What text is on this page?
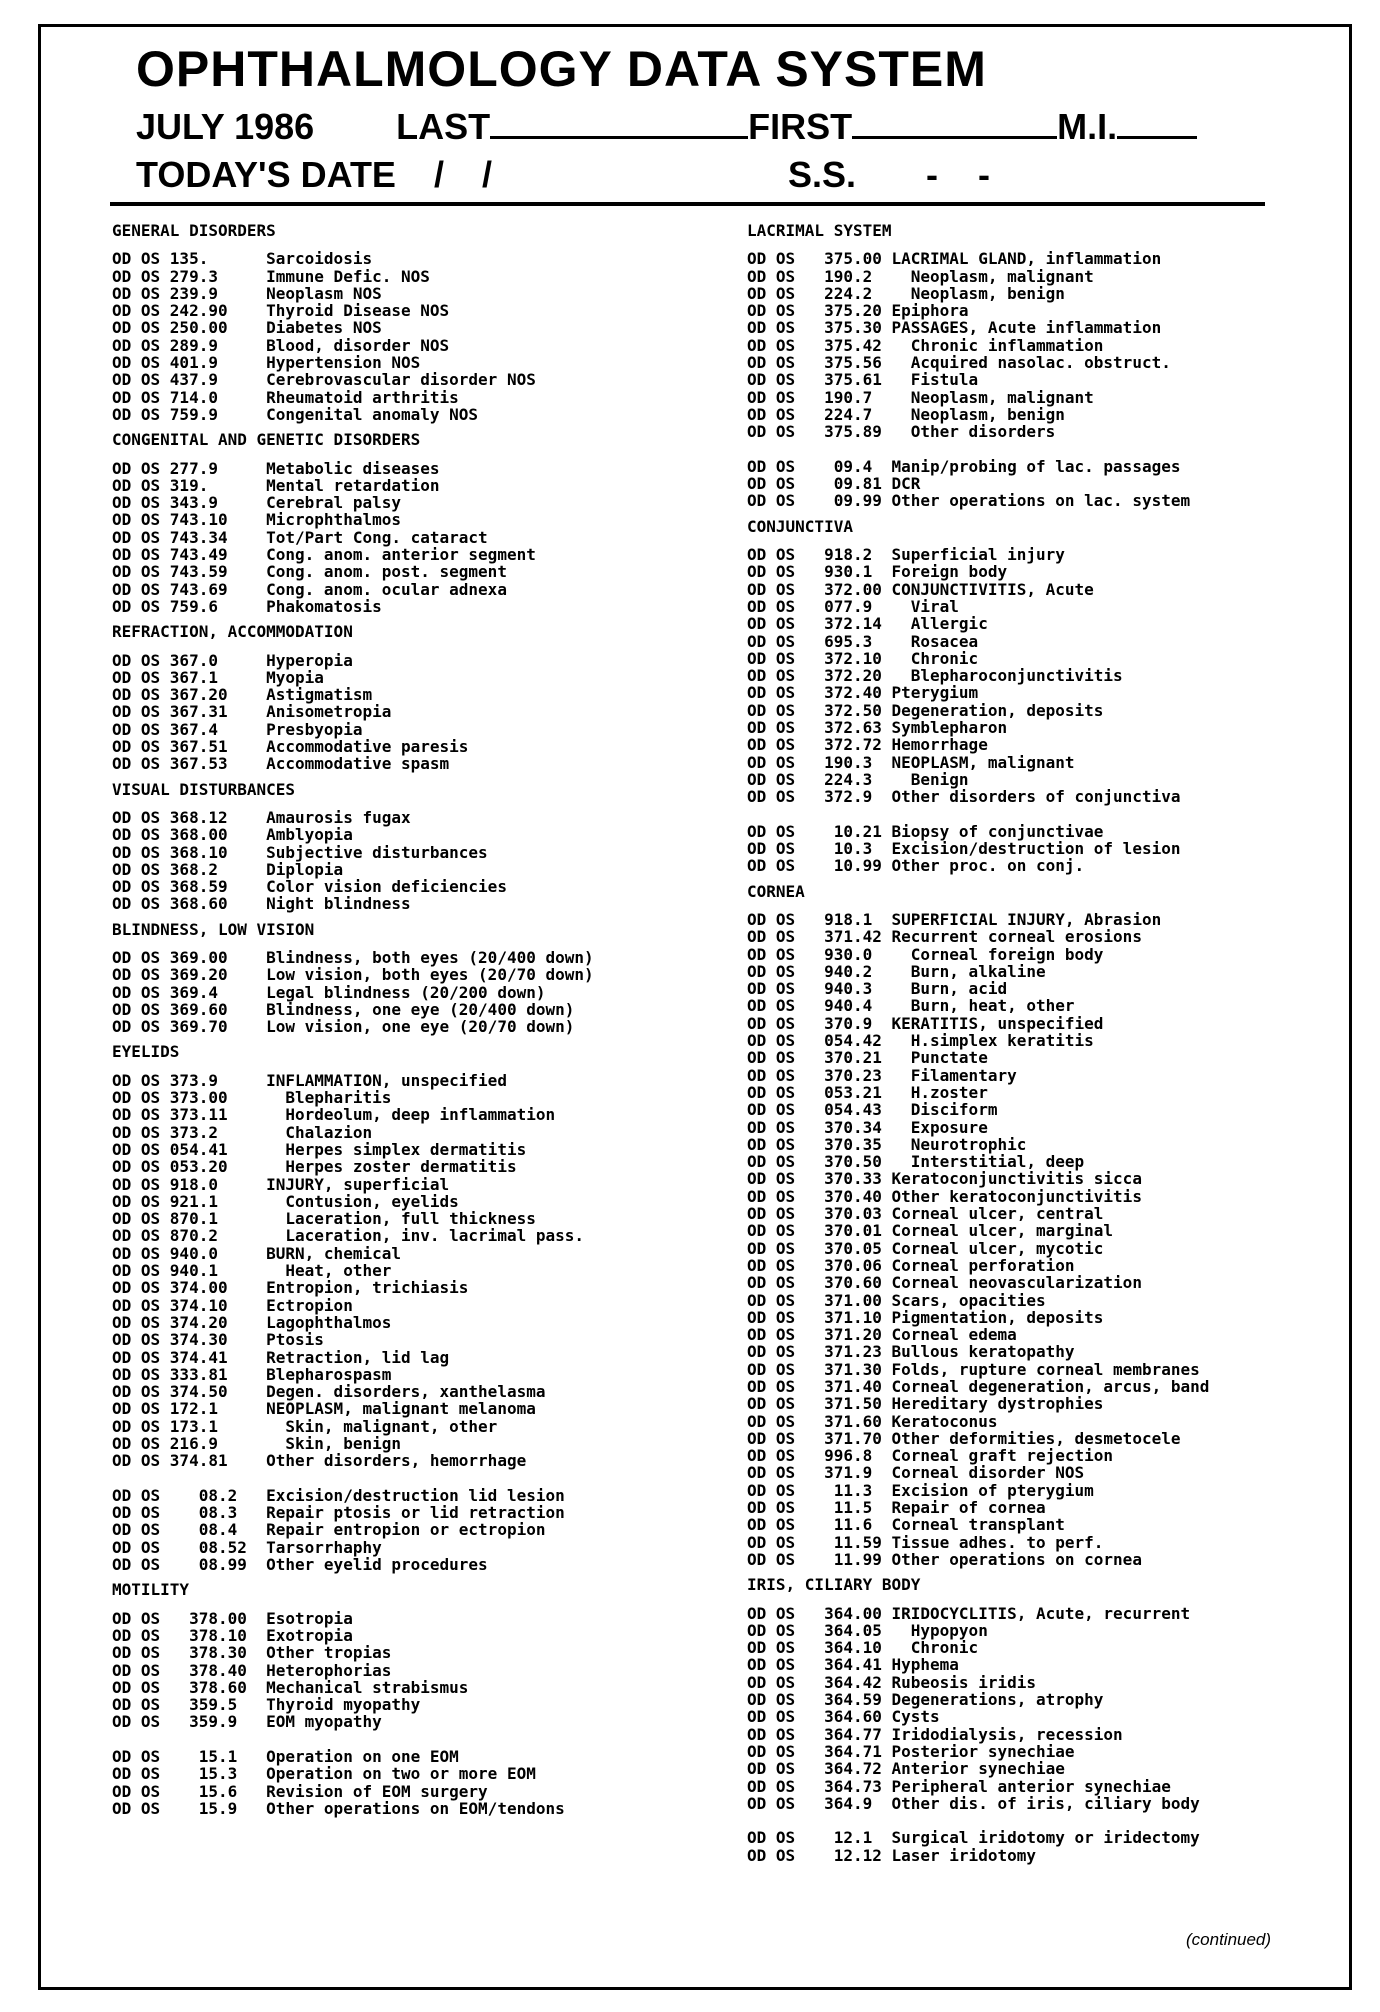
OPHTHALMOLOGY DATA SYSTEM
JULY 1986 LAST	FIRST	M.I.
TODAY'S DATE / /	S.S. -    -
GENERAL DISORDERS
OD OS 135.      Sarcoidosis
OD OS 279.3     Immune Defic. NOS
OD OS 239.9     Neoplasm NOS
OD OS 242.90    Thyroid Disease NOS
OD OS 250.00    Diabetes NOS
OD OS 289.9     Blood, disorder NOS
OD OS 401.9     Hypertension NOS
OD OS 437.9     Cerebrovascular disorder NOS
OD OS 714.0     Rheumatoid arthritis
OD OS 759.9     Congenital anomaly NOS
CONGENITAL AND GENETIC DISORDERS
OD OS 277.9     Metabolic diseases
OD OS 319.      Mental retardation
OD OS 343.9     Cerebral palsy
OD OS 743.10    Microphthalmos
OD OS 743.34    Tot/Part Cong. cataract
OD OS 743.49    Cong. anom. anterior segment
OD OS 743.59    Cong. anom. post. segment
OD OS 743.69    Cong. anom. ocular adnexa
OD OS 759.6     Phakomatosis
REFRACTION, ACCOMMODATION
OD OS 367.0     Hyperopia
OD OS 367.1     Myopia
OD OS 367.20    Astigmatism
OD OS 367.31    Anisometropia
OD OS 367.4     Presbyopia
OD OS 367.51    Accommodative paresis
OD OS 367.53    Accommodative spasm
VISUAL DISTURBANCES
OD OS 368.12    Amaurosis fugax
OD OS 368.00    Amblyopia
OD OS 368.10    Subjective disturbances
OD OS 368.2     Diplopia
OD OS 368.59    Color vision deficiencies
OD OS 368.60    Night blindness
BLINDNESS, LOW VISION
OD OS 369.00    Blindness, both eyes (20/400 down)
OD OS 369.20    Low vision, both eyes (20/70 down)
OD OS 369.4     Legal blindness (20/200 down)
OD OS 369.60    Blindness, one eye (20/400 down)
OD OS 369.70    Low vision, one eye (20/70 down)
EYELIDS
OD OS 373.9     INFLAMMATION, unspecified
OD OS 373.00      Blepharitis
OD OS 373.11      Hordeolum, deep inflammation
OD OS 373.2       Chalazion
OD OS 054.41      Herpes simplex dermatitis
OD OS 053.20      Herpes zoster dermatitis
OD OS 918.0     INJURY, superficial
OD OS 921.1       Contusion, eyelids
OD OS 870.1       Laceration, full thickness
OD OS 870.2       Laceration, inv. lacrimal pass.
OD OS 940.0     BURN, chemical
OD OS 940.1       Heat, other
OD OS 374.00    Entropion, trichiasis
OD OS 374.10    Ectropion
OD OS 374.20    Lagophthalmos
OD OS 374.30    Ptosis
OD OS 374.41    Retraction, lid lag
OD OS 333.81    Blepharospasm
OD OS 374.50    Degen. disorders, xanthelasma
OD OS 172.1     NEOPLASM, malignant melanoma
OD OS 173.1       Skin, malignant, other
OD OS 216.9       Skin, benign
OD OS 374.81    Other disorders, hemorrhage
OD OS    08.2   Excision/destruction lid lesion
OD OS    08.3   Repair ptosis or lid retraction
OD OS    08.4   Repair entropion or ectropion
OD OS    08.52  Tarsorrhaphy
OD OS    08.99  Other eyelid procedures
MOTILITY
OD OS   378.00  Esotropia
OD OS   378.10  Exotropia
OD OS   378.30  Other tropias
OD OS   378.40  Heterophorias
OD OS   378.60  Mechanical strabismus
OD OS   359.5   Thyroid myopathy
OD OS   359.9   EOM myopathy
OD OS    15.1   Operation on one EOM
OD OS    15.3   Operation on two or more EOM
OD OS    15.6   Revision of EOM surgery
OD OS    15.9   Other operations on EOM/tendons
LACRIMAL SYSTEM
OD OS   375.00 LACRIMAL GLAND, inflammation
OD OS   190.2    Neoplasm, malignant
OD OS   224.2    Neoplasm, benign
OD OS   375.20 Epiphora
OD OS   375.30 PASSAGES, Acute inflammation
OD OS   375.42   Chronic inflammation
OD OS   375.56   Acquired nasolac. obstruct.
OD OS   375.61   Fistula
OD OS   190.7    Neoplasm, malignant
OD OS   224.7    Neoplasm, benign
OD OS   375.89   Other disorders
OD OS    09.4  Manip/probing of lac. passages
OD OS    09.81 DCR
OD OS    09.99 Other operations on lac. system
CONJUNCTIVA
OD OS   918.2  Superficial injury
OD OS   930.1  Foreign body
OD OS   372.00 CONJUNCTIVITIS, Acute
OD OS   077.9    Viral
OD OS   372.14   Allergic
OD OS   695.3    Rosacea
OD OS   372.10   Chronic
OD OS   372.20   Blepharoconjunctivitis
OD OS   372.40 Pterygium
OD OS   372.50 Degeneration, deposits
OD OS   372.63 Symblepharon
OD OS   372.72 Hemorrhage
OD OS   190.3  NEOPLASM, malignant
OD OS   224.3    Benign
OD OS   372.9  Other disorders of conjunctiva
OD OS    10.21 Biopsy of conjunctivae
OD OS    10.3  Excision/destruction of lesion
OD OS    10.99 Other proc. on conj.
CORNEA
OD OS   918.1  SUPERFICIAL INJURY, Abrasion
OD OS   371.42 Recurrent corneal erosions
OD OS   930.0    Corneal foreign body
OD OS   940.2    Burn, alkaline
OD OS   940.3    Burn, acid
OD OS   940.4    Burn, heat, other
OD OS   370.9  KERATITIS, unspecified
OD OS   054.42   H.simplex keratitis
OD OS   370.21   Punctate
OD OS   370.23   Filamentary
OD OS   053.21   H.zoster
OD OS   054.43   Disciform
OD OS   370.34   Exposure
OD OS   370.35   Neurotrophic
OD OS   370.50   Interstitial, deep
OD OS   370.33 Keratoconjunctivitis sicca
OD OS   370.40 Other keratoconjunctivitis
OD OS   370.03 Corneal ulcer, central
OD OS   370.01 Corneal ulcer, marginal
OD OS   370.05 Corneal ulcer, mycotic
OD OS   370.06 Corneal perforation
OD OS   370.60 Corneal neovascularization
OD OS   371.00 Scars, opacities
OD OS   371.10 Pigmentation, deposits
OD OS   371.20 Corneal edema
OD OS   371.23 Bullous keratopathy
OD OS   371.30 Folds, rupture corneal membranes
OD OS   371.40 Corneal degeneration, arcus, band
OD OS   371.50 Hereditary dystrophies
OD OS   371.60 Keratoconus
OD OS   371.70 Other deformities, desmetocele
OD OS   996.8  Corneal graft rejection
OD OS   371.9  Corneal disorder NOS
OD OS    11.3  Excision of pterygium
OD OS    11.5  Repair of cornea
OD OS    11.6  Corneal transplant
OD OS    11.59 Tissue adhes. to perf.
OD OS    11.99 Other operations on cornea
IRIS, CILIARY BODY
OD OS   364.00 IRIDOCYCLITIS, Acute, recurrent
OD OS   364.05   Hypopyon
OD OS   364.10   Chronic
OD OS   364.41 Hyphema
OD OS   364.42 Rubeosis iridis
OD OS   364.59 Degenerations, atrophy
OD OS   364.60 Cysts
OD OS   364.77 Iridodialysis, recession
OD OS   364.71 Posterior synechiae
OD OS   364.72 Anterior synechiae
OD OS   364.73 Peripheral anterior synechiae
OD OS   364.9  Other dis. of iris, ciliary body
OD OS    12.1  Surgical iridotomy or iridectomy
OD OS    12.12 Laser iridotomy
(continued)
